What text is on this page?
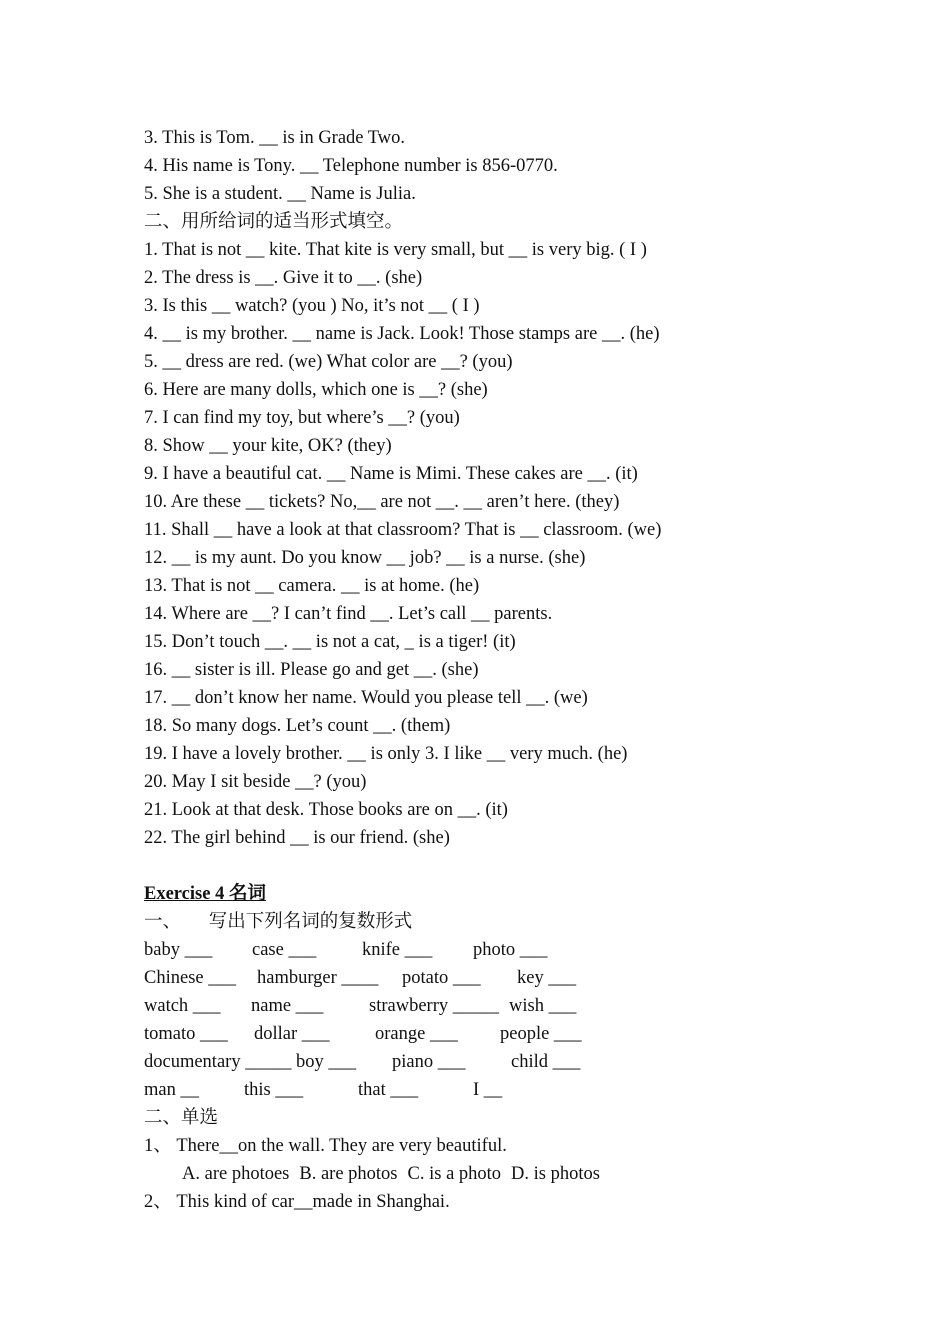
3. This is Tom. __ is in Grade Two.
4. His name is Tony. __ Telephone number is 856-0770.
5. She is a student. __ Name is Julia.
二、用所给词的适当形式填空。
1. That is not __ kite. That kite is very small, but __ is very big. ( I )
2. The dress is __. Give it to __. (she)
3. Is this __ watch? (you ) No, it’s not __ ( I )
4. __ is my brother. __ name is Jack. Look! Those stamps are __. (he)
5. __ dress are red. (we) What color are __? (you)
6. Here are many dolls, which one is __? (she)
7. I can find my toy, but where’s __? (you)
8. Show __ your kite, OK? (they)
9. I have a beautiful cat. __ Name is Mimi. These cakes are __. (it)
10. Are these __ tickets? No,__ are not __. __ aren’t here. (they)
11. Shall __ have a look at that classroom? That is __ classroom. (we)
12. __ is my aunt. Do you know __ job? __ is a nurse. (she)
13. That is not __ camera. __ is at home. (he)
14. Where are __? I can’t find __. Let’s call __ parents.
15. Don’t touch __. __ is not a cat, _ is a tiger! (it)
16. __ sister is ill. Please go and get __. (she)
17. __ don’t know her name. Would you please tell __. (we)
18. So many dogs. Let’s count __. (them)
19. I have a lovely brother. __ is only 3. I like __ very much. (he)
20. May I sit beside __? (you)
21. Look at that desk. Those books are on __. (it)
22. The girl behind __ is our friend. (she)
Exercise 4 名词
一、　　写出下列名词的复数形式
baby ___ case ___ knife ___ photo ___
Chinese ___ hamburger ____ potato ___ key ___
watch ___ name ___ strawberry _____ wish ___
tomato ___ dollar ___ orange ___ people ___
documentary _____ boy ___ piano ___ child ___
man __ this ___	that ___	I __
二、单选
1、 There__on the wall. They are very beautiful.
A. are photoes B. are photos C. is a photo D. is photos
2、 This kind of car__made in Shanghai.
